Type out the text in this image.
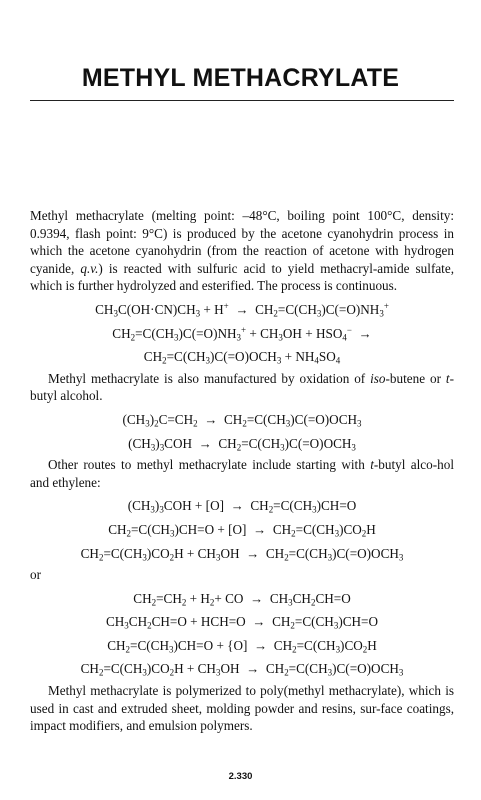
METHYL METHACRYLATE

Methyl methacrylate (melting point: –48°C, boiling point 100°C, density: 0.9394, flash point: 9°C) is produced by the acetone cyanohydrin process in which the acetone cyanohydrin (from the reaction of acetone with hydrogen cyanide, q.v.) is reacted with sulfuric acid to yield methacryl-amide sulfate, which is further hydrolyzed and esterified. The process is continuous.

$CH_3C(OH\cdot CN)CH_3 + H^+ \to CH_2=C(CH_3)C(=O)NH_3^+$
$CH_2=C(CH_3)C(=O)NH_3^+ + CH_3OH + HSO_4^-$  →
$CH_2=C(CH_3)C(=O)OCH_3 + NH_4SO_4$

Methyl methacrylate is also manufactured by oxidation of iso-butene or t-butyl alcohol.

$(CH_3)_2C=CH_2 \to CH_2=C(CH_3)C(=O)OCH_3$
$(CH_3)_3COH \to CH_2=C(CH_3)C(=O)OCH_3$

Other routes to methyl methacrylate include starting with t-butyl alco-hol and ethylene:

$(CH_3)_3COH + [O] \to CH_2=C(CH_3)CH=O$
$CH_2=C(CH_3)CH=O + [O] \to CH_2=C(CH_3)CO_2H$
$CH_2=C(CH_3)CO_2H + CH_3OH \to CH_2=C(CH_3)C(=O)OCH_3$
or
$CH_2=CH_2 + H_2+$ CO  →  $CH_3CH_2CH=O$
$CH_3CH_2CH=O + HCH=O \to CH_2=C(CH_3)CH=O$
$CH_2=C(CH_3)CH=O + \{O] \to CH_2=C(CH_3)CO_2H$
$CH_2=C(CH_3)CO_2H + CH_3OH \to CH_2=C(CH_3)C(=O)OCH_3$

Methyl methacrylate is polymerized to poly(methyl methacrylate), which is used in cast and extruded sheet, molding powder and resins, sur-face coatings, impact modifiers, and emulsion polymers.

2.330
